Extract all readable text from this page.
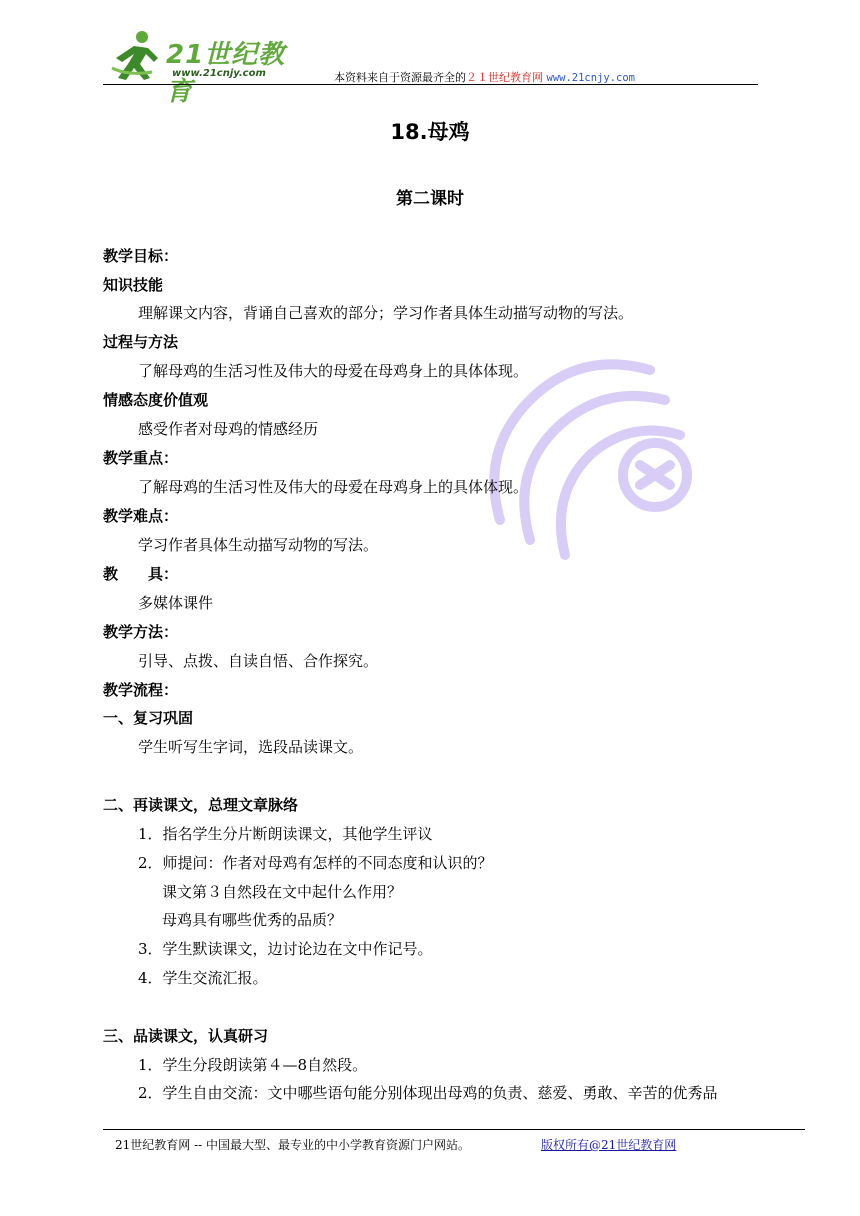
21世纪教育
www.21cnjy.com	本资料来自于资源最齐全的２１世纪教育网 www.21cnjy.com
18.母鸡
第二课时
教学目标：
知识技能
理解课文内容，背诵自己喜欢的部分；学习作者具体生动描写动物的写法。
过程与方法
了解母鸡的生活习性及伟大的母爱在母鸡身上的具体体现。
情感态度价值观
感受作者对母鸡的情感经历
教学重点：
了解母鸡的生活习性及伟大的母爱在母鸡身上的具体体现。
教学难点：
学习作者具体生动描写动物的写法。
教　　具：
多媒体课件
教学方法：
引导、点拨、自读自悟、合作探究。
教学流程：
一、复习巩固
学生听写生字词，选段品读课文。
二、再读课文，总理文章脉络
1．指名学生分片断朗读课文，其他学生评议
2．师提问：作者对母鸡有怎样的不同态度和认识的？
课文第３自然段在文中起什么作用？
母鸡具有哪些优秀的品质？
3．学生默读课文，边讨论边在文中作记号。
4．学生交流汇报。
三、品读课文，认真研习
1．学生分段朗读第４—8自然段。
2．学生自由交流：文中哪些语句能分别体现出母鸡的负责、慈爱、勇敢、辛苦的优秀品
21世纪教育网 -- 中国最大型、最专业的中小学教育资源门户网站。	版权所有@21世纪教育网
